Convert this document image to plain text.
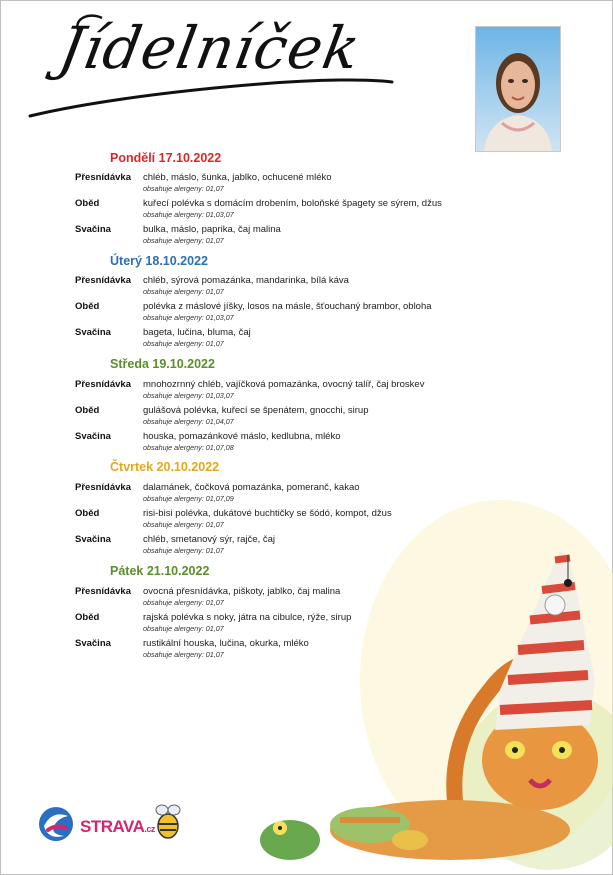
Jídelníček
Pondělí 17.10.2022
Přesnídávka chléb, máslo, šunka, jablko, ochucené mléko
obsahuje alergeny: 01,07
Oběd	kuřecí polévka s domácím drobením, boloňské špagety se sýrem, džus
obsahuje alergeny: 01,03,07
Svačina	bulka, máslo, paprika, čaj malina
obsahuje alergeny: 01,07
Úterý 18.10.2022
Přesnídávka chléb, sýrová pomazánka, mandarinka, bílá káva
obsahuje alergeny: 01,07
Oběd	polévka z máslové jíšky, losos na másle, šťouchaný brambor, obloha
obsahuje alergeny: 01,03,07
Svačina	bageta, lučina, bluma, čaj
obsahuje alergeny: 01,07
Středa 19.10.2022
Přesnídávka mnohozrnný chléb, vajíčková pomazánka, ovocný talíř, čaj broskev
obsahuje alergeny: 01,03,07
Oběd	gulášová polévka, kuřecí se špenátem, gnocchi, sirup
obsahuje alergeny: 01,04,07
Svačina	houska, pomazánkové máslo, kedlubna, mléko
obsahuje alergeny: 01,07,08
Čtvrtek 20.10.2022
Přesnídávka dalamánek, čočková pomazánka, pomeranč, kakao
obsahuje alergeny: 01,07,09
Oběd	risi-bisi polévka, dukátové buchtičky se šódó, kompot, džus
obsahuje alergeny: 01,07
Svačina	chléb, smetanový sýr, rajče, čaj
obsahuje alergeny: 01,07
Pátek 21.10.2022
Přesnídávka ovocná přesnídávka, piškoty, jablko, čaj malina
obsahuje alergeny: 01,07
Oběd	rajská polévka s noky, játra na cibulce, rýže, sirup
obsahuje alergeny: 01,07
Svačina	rustikální houska, lučina, okurka, mléko
obsahuje alergeny: 01,07
STRAVA.cz
